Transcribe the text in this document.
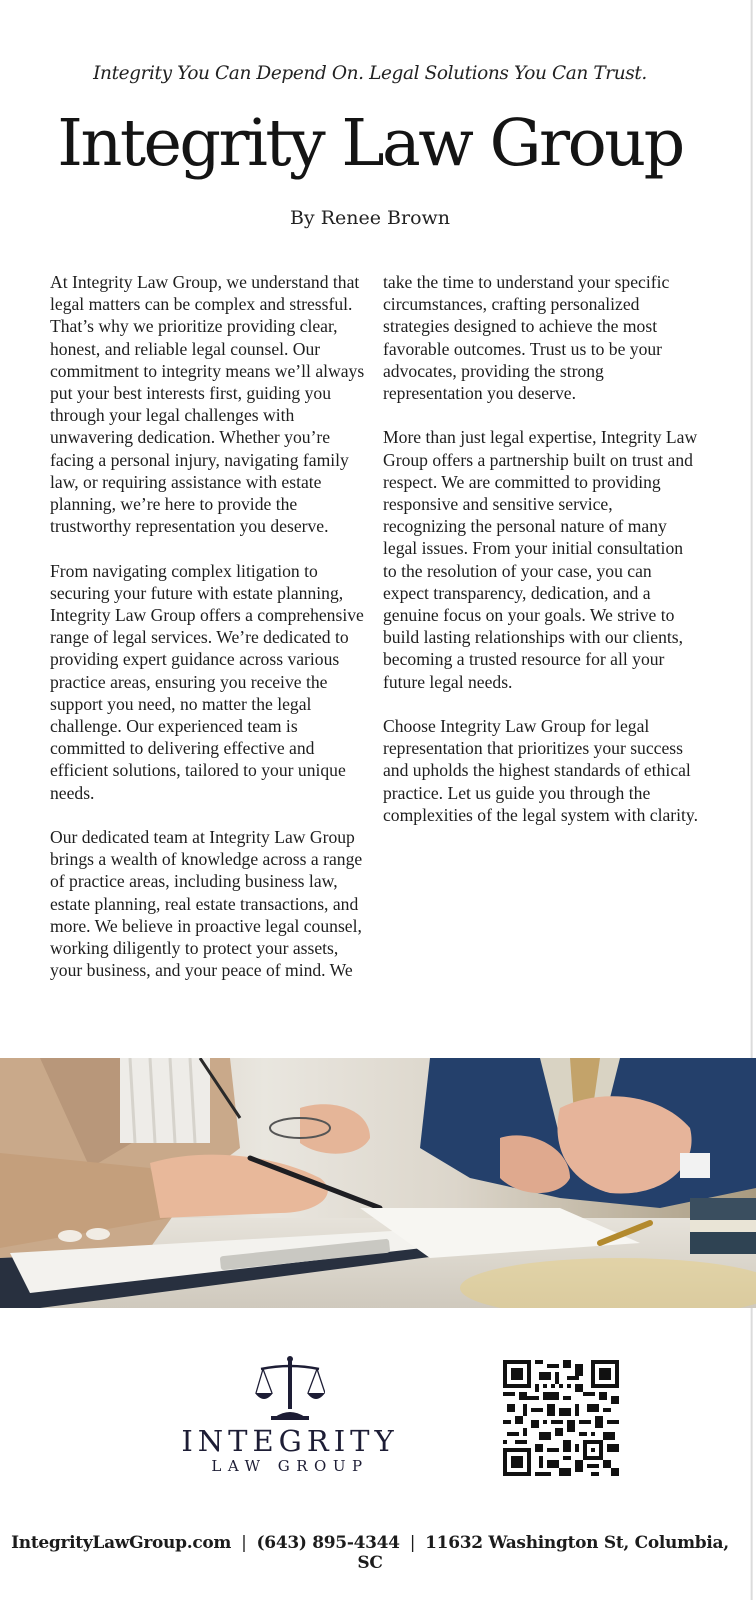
Integrity You Can Depend On. Legal Solutions You Can Trust.
Integrity Law Group
By Renee Brown

At Integrity Law Group, we understand that legal matters can be complex and stressful. That’s why we prioritize providing clear, honest, and reliable legal counsel. Our commitment to integrity means we’ll always put your best interests first, guiding you through your legal challenges with unwavering dedication. Whether you’re facing a personal injury, navigating family law, or requiring assistance with estate planning, we’re here to provide the trustworthy representation you deserve.

From navigating complex litigation to securing your future with estate planning, Integrity Law Group offers a comprehensive range of legal services. We’re dedicated to providing expert guidance across various practice areas, ensuring you receive the support you need, no matter the legal challenge. Our experienced team is committed to delivering effective and efficient solutions, tailored to your unique needs.

Our dedicated team at Integrity Law Group brings a wealth of knowledge across a range of practice areas, including business law, estate planning, real estate transactions, and more. We believe in proactive legal counsel, working diligently to protect your assets, your business, and your peace of mind. We take the time to understand your specific circumstances, crafting personalized strategies designed to achieve the most favorable outcomes. Trust us to be your advocates, providing the strong representation you deserve.

More than just legal expertise, Integrity Law Group offers a partnership built on trust and respect. We are committed to providing responsive and sensitive service, recognizing the personal nature of many legal issues. From your initial consultation to the resolution of your case, you can expect transparency, dedication, and a genuine focus on your goals. We strive to build lasting relationships with our clients, becoming a trusted resource for all your future legal needs.

Choose Integrity Law Group for legal representation that prioritizes your success and upholds the highest standards of ethical practice. Let us guide you through the complexities of the legal system with clarity.

INTEGRITY
LAW GROUP
IntegrityLawGroup.com | (643) 895-4344 | 11632 Washington St, Columbia, SC
